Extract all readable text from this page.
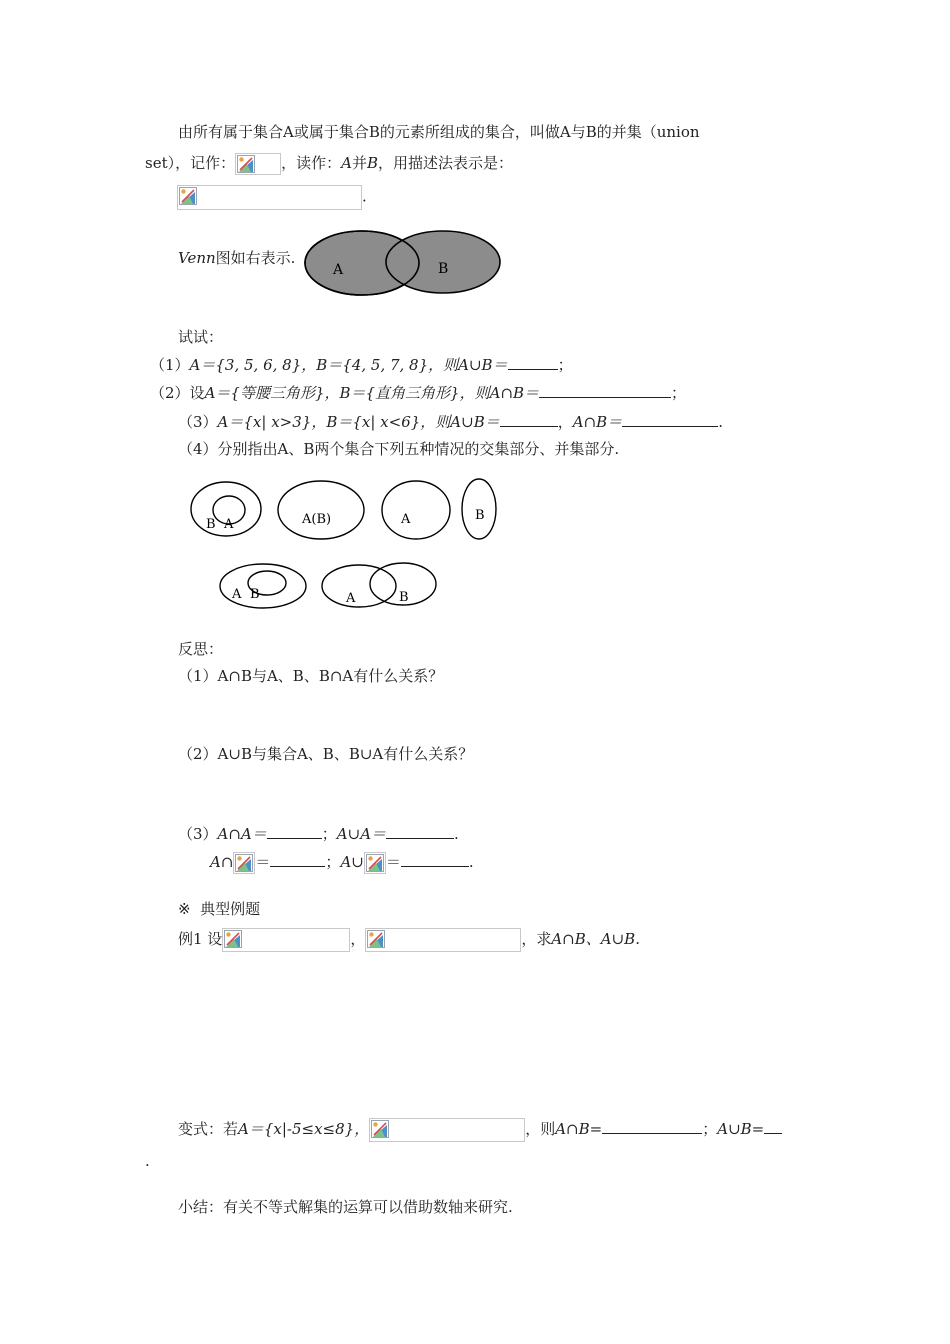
由所有属于集合A或属于集合B的元素所组成的集合，叫做A与B的并集（union
set），记作：	，读作：A并B，用描述法表示是：
.
Venn图如右表示.
A	B
试试：
（1）A＝{3, 5, 6, 8}，B＝{4, 5, 7, 8}，则A∪B＝	；
（2）设A＝{等腰三角形}，B＝{直角三角形}，则A∩B＝	；
（3）A＝{x| x>3}，B＝{x| x<6}，则A∪B＝	，A∩B＝	.
（4）分别指出A、B两个集合下列五种情况的交集部分、并集部分.
B A	A(B)	A	B
A B	A	B
反思：
（1）A∩B与A、B、B∩A有什么关系？
（2）A∪B与集合A、B、B∪A有什么关系？
（3）A∩A＝	；A∪A＝	.
A∩ ＝	；A∪ ＝	.
※ 典型例题
例1 设	，	，求A∩B、A∪B.
变式：若A＝{x|-5≤x≤8}，	，则A∩B=	；A∪B=
.
小结：有关不等式解集的运算可以借助数轴来研究.
